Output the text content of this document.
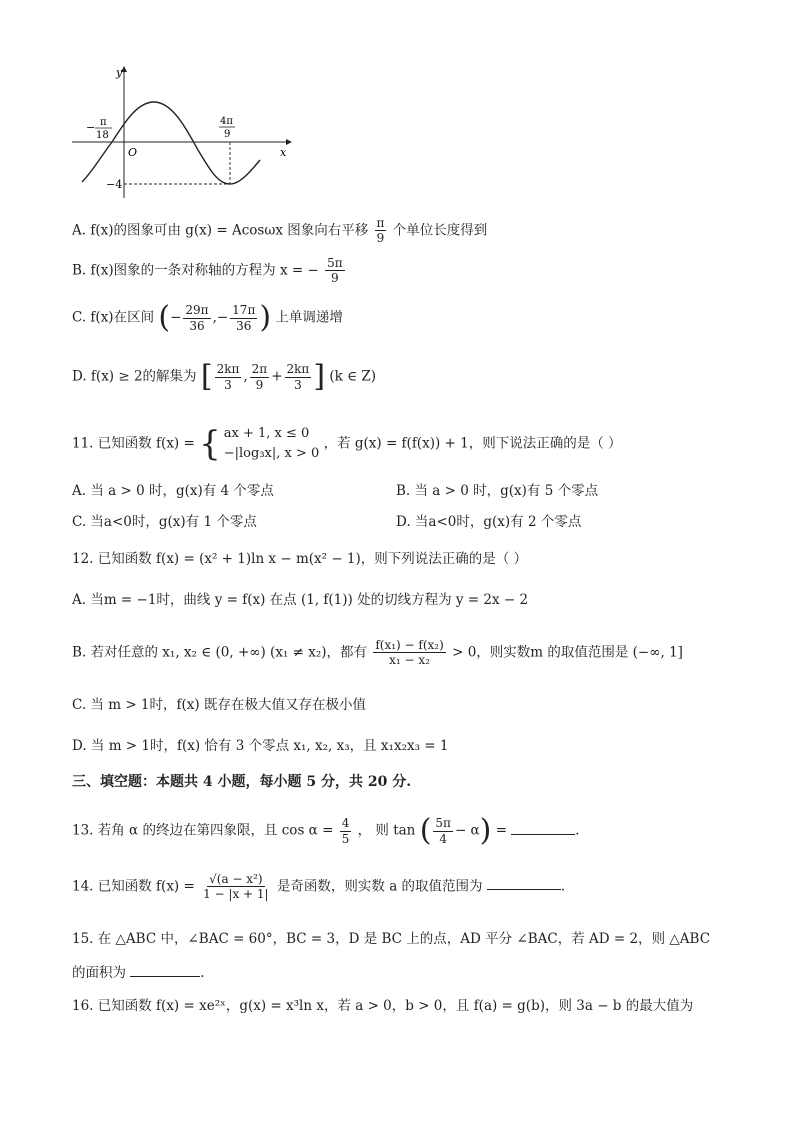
y
x
O
− π
18
4π
9
−4
A. f(x)的图象可由 g(x) = Acosωx 图象向右平移 $\frac{\pi}{9}$ 个单位长度得到
B. f(x)图象的一条对称轴的方程为 x = − $\frac{5\pi}{9}$
C. f(x)在区间 (− $\frac{29\pi}{36}$ ,− $\frac{17\pi}{36}$ ) 上单调递增
D. f(x) ≥ 2的解集为 [ $\frac{2k\pi}{3}$ , $\frac{2\pi}{9} + \frac{2k\pi}{3}$ ] (k ∈ Z)
11. 已知函数 f(x) = { ax + 1, x ≤ 0
−|log₃x|, x > 0
，若 g(x) = f(f(x)) + 1，则下说法正确的是（ ）
A. 当 a > 0 时，g(x)有 4 个零点	B. 当 a > 0 时，g(x)有 5 个零点
C. 当a<0时，g(x)有 1 个零点	D. 当a<0时，g(x)有 2 个零点
12. 已知函数 f(x) = (x² + 1)ln x − m(x² − 1)，则下列说法正确的是（ ）
A. 当m = −1时，曲线 y = f(x) 在点 (1, f(1)) 处的切线方程为 y = 2x − 2
B. 若对任意的 x₁, x₂ ∈ (0, +∞) (x₁ ≠ x₂)，都有 $\frac{\text{f(x₁) − f(x₂)}}{\text{x₁ − x₂}} > 0$，则实数m 的取值范围是 (−∞, 1]
C. 当 m > 1时，f(x) 既存在极大值又存在极小值
D. 当 m > 1时，f(x) 恰有 3 个零点 x₁, x₂, x₃，且 x₁x₂x₃ = 1
三、填空题：本题共 4 小题，每小题 5 分，共 20 分.
13. 若角 α 的终边在第四象限，且 $\cos \alpha = \frac{4}{5}$ ， 则 tan ( $\frac{5\pi}{4} - \alpha$) =	.
14. 已知函数 $f(x) = \frac{\text{√(a − x²)}}{1 - |x + 1|}$ 是奇函数，则实数 a 的取值范围为	.
15. 在 △ABC 中，∠BAC = 60°，BC = 3，D 是 BC 上的点，AD 平分 ∠BAC，若 AD = 2，则 △ABC
的面积为	.
16. 已知函数 f(x) = xe²ˣ，g(x) = x³ln x，若 a > 0，b > 0，且 f(a) = g(b)，则 3a − b 的最大值为
